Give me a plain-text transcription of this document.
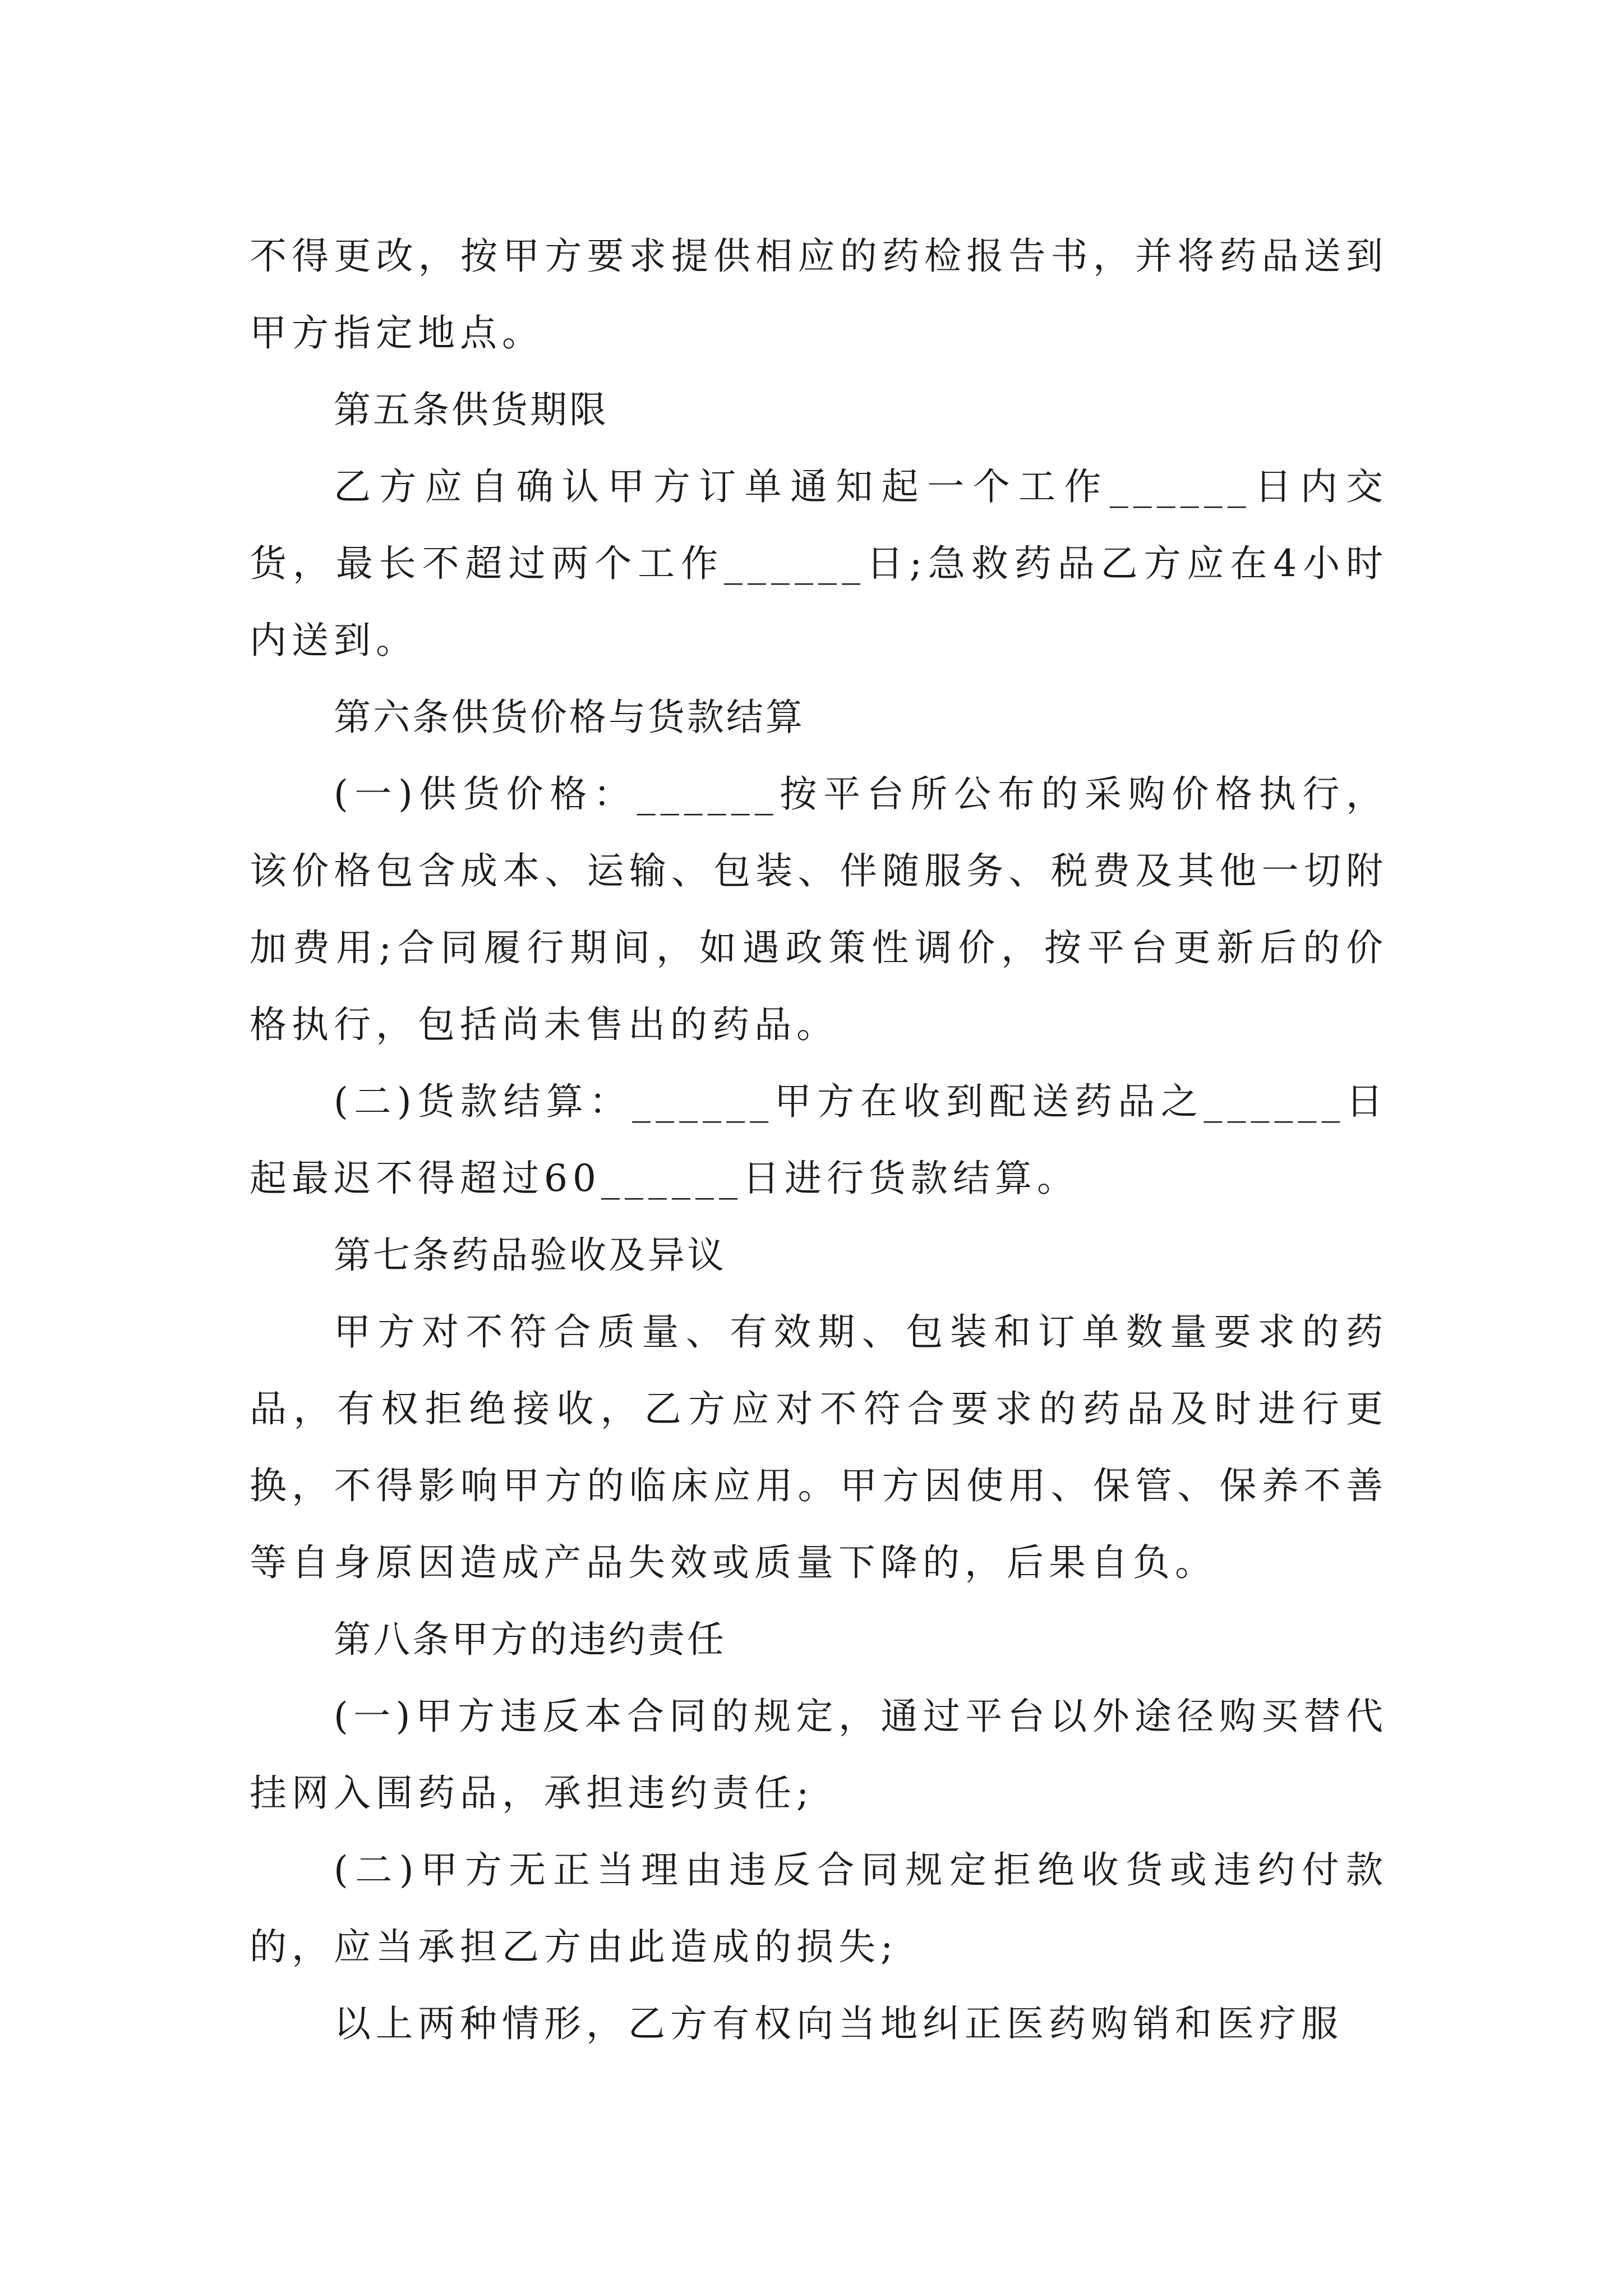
不得更改，按甲方要求提供相应的药检报告书，并将药品送到甲方指定地点。

第五条供货期限

乙方应自确认甲方订单通知起一个工作______日内交货，最长不超过两个工作______日;急救药品乙方应在4小时内送到。

第六条供货价格与货款结算

(一)供货价格：______按平台所公布的采购价格执行，该价格包含成本、运输、包装、伴随服务、税费及其他一切附加费用;合同履行期间，如遇政策性调价，按平台更新后的价格执行，包括尚未售出的药品。

(二)货款结算：______甲方在收到配送药品之______日起最迟不得超过60______日进行货款结算。

第七条药品验收及异议

甲方对不符合质量、有效期、包装和订单数量要求的药品，有权拒绝接收，乙方应对不符合要求的药品及时进行更换，不得影响甲方的临床应用。甲方因使用、保管、保养不善等自身原因造成产品失效或质量下降的，后果自负。

第八条甲方的违约责任

(一)甲方违反本合同的规定，通过平台以外途径购买替代挂网入围药品，承担违约责任;

(二)甲方无正当理由违反合同规定拒绝收货或违约付款的，应当承担乙方由此造成的损失;

以上两种情形，乙方有权向当地纠正医药购销和医疗服
